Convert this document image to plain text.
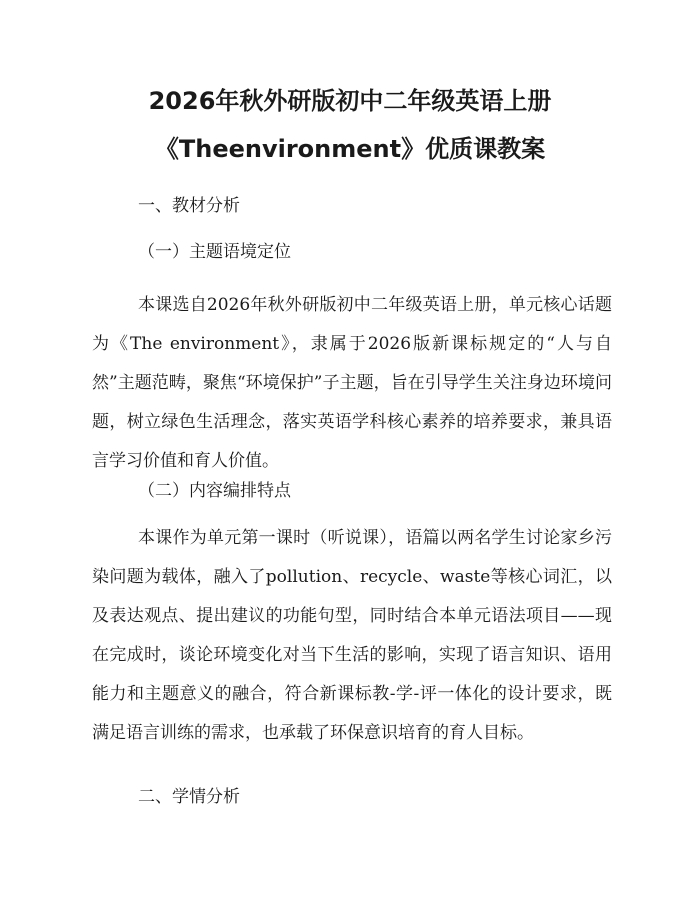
2026年秋外研版初中二年级英语上册
《Theenvironment》优质课教案
一、教材分析
（一）主题语境定位
本课选自2026年秋外研版初中二年级英语上册，单元核心话题为《The environment》，隶属于2026版新课标规定的“人与自然”主题范畴，聚焦“环境保护”子主题，旨在引导学生关注身边环境问题，树立绿色生活理念，落实英语学科核心素养的培养要求，兼具语言学习价值和育人价值。
（二）内容编排特点
本课作为单元第一课时（听说课），语篇以两名学生讨论家乡污染问题为载体，融入了pollution、recycle、waste等核心词汇，以及表达观点、提出建议的功能句型，同时结合本单元语法项目——现在完成时，谈论环境变化对当下生活的影响，实现了语言知识、语用能力和主题意义的融合，符合新课标教-学-评一体化的设计要求，既满足语言训练的需求，也承载了环保意识培育的育人目标。
二、学情分析
